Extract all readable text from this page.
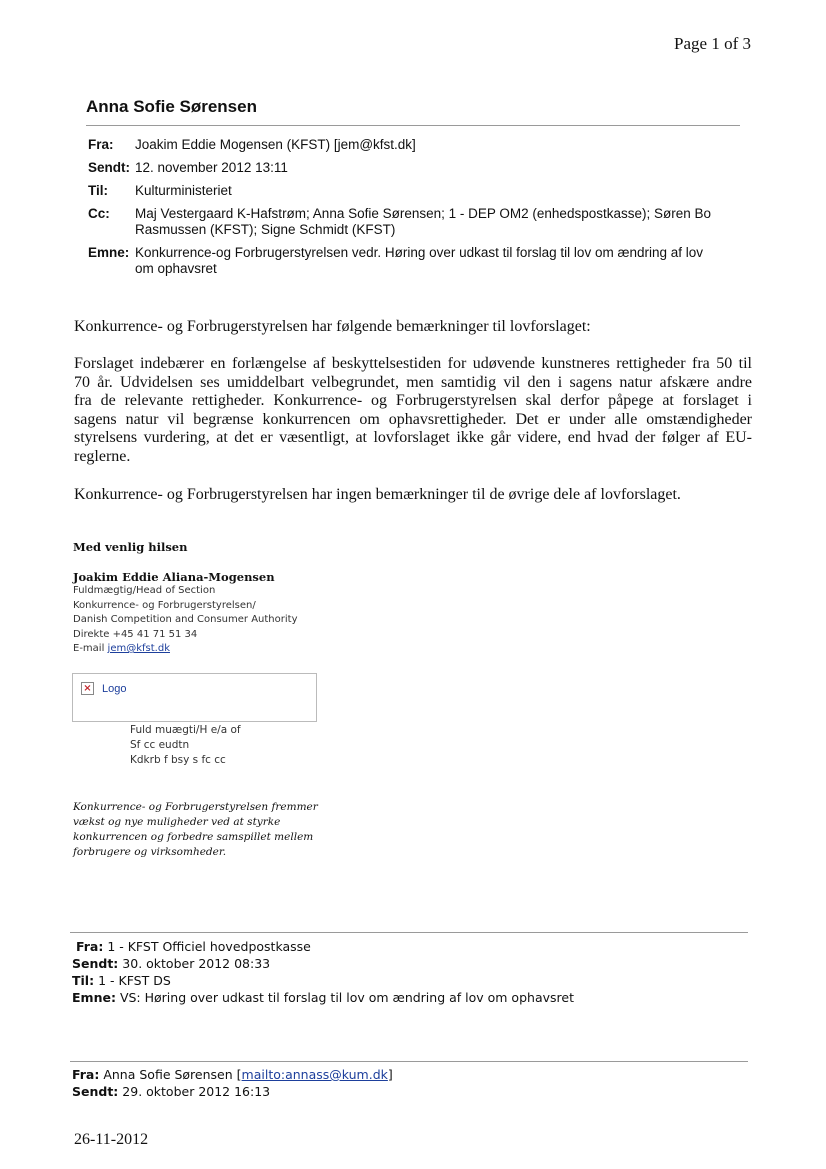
Page 1 of 3
Anna Sofie Sørensen
Fra:	Joakim Eddie Mogensen (KFST) [jem@kfst.dk]
Sendt: 12. november 2012 13:11
Til:	Kulturministeriet
Cc:	Maj Vestergaard K-Hafstrøm; Anna Sofie Sørensen; 1 - DEP OM2 (enhedspostkasse); Søren Bo
Rasmussen (KFST); Signe Schmidt (KFST)
Emne: Konkurrence-og Forbrugerstyrelsen vedr. Høring over udkast til forslag til lov om ændring af lov
om ophavsret
Konkurrence- og Forbrugerstyrelsen har følgende bemærkninger til lovforslaget:
Forslaget indebærer en forlængelse af beskyttelsestiden for udøvende kunstneres rettigheder fra 50 til
70 år. Udvidelsen ses umiddelbart velbegrundet, men samtidig vil den i sagens natur afskære andre
fra de relevante rettigheder. Konkurrence- og Forbrugerstyrelsen skal derfor påpege at forslaget i
sagens natur vil begrænse konkurrencen om ophavsrettigheder. Det er under alle omstændigheder
styrelsens vurdering, at det er væsentligt, at lovforslaget ikke går videre, end hvad der følger af EU-
reglerne.
Konkurrence- og Forbrugerstyrelsen har ingen bemærkninger til de øvrige dele af lovforslaget.
Med venlig hilsen
Joakim Eddie Aliana-Mogensen
Fuldmægtig/Head of Section
Konkurrence- og Forbrugerstyrelsen/
Danish Competition and Consumer Authority
Direkte +45 41 71 51 34
E-mail jem@kfst.dk
× Logo
Fuld muægti/H e/a of
Sf cc eudtn
Kdkrb f bsy s fc cc
Konkurrence- og Forbrugerstyrelsen fremmer
vækst og nye muligheder ved at styrke
konkurrencen og forbedre samspillet mellem
forbrugere og virksomheder.
Fra: 1 - KFST Officiel hovedpostkasse
Sendt: 30. oktober 2012 08:33
Til: 1 - KFST DS
Emne: VS: Høring over udkast til forslag til lov om ændring af lov om ophavsret
Fra: Anna Sofie Sørensen [mailto:annass@kum.dk]
Sendt: 29. oktober 2012 16:13
26-11-2012
